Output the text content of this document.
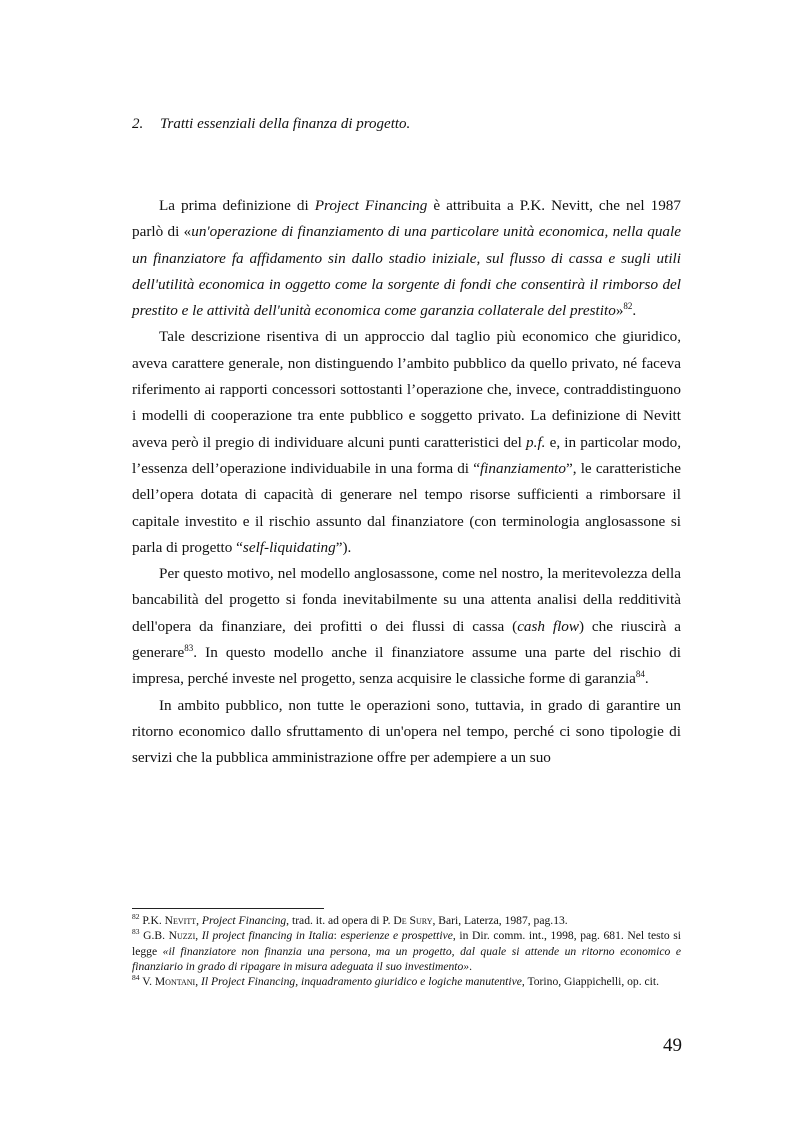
2. Tratti essenziali della finanza di progetto.

La prima definizione di Project Financing è attribuita a P.K. Nevitt, che nel 1987 parlò di «un'operazione di finanziamento di una particolare unità economica, nella quale un finanziatore fa affidamento sin dallo stadio iniziale, sul flusso di cassa e sugli utili dell'utilità economica in oggetto come la sorgente di fondi che consentirà il rimborso del prestito e le attività dell'unità economica come garanzia collaterale del prestito»$^{82}$.

Tale descrizione risentiva di un approccio dal taglio più economico che giuridico, aveva carattere generale, non distinguendo l’ambito pubblico da quello privato, né faceva riferimento ai rapporti concessori sottostanti l’operazione che, invece, contraddistinguono i modelli di cooperazione tra ente pubblico e soggetto privato. La definizione di Nevitt aveva però il pregio di individuare alcuni punti caratteristici del p.f. e, in particolar modo, l’essenza dell’operazione individuabile in una forma di “finanziamento”, le caratteristiche dell’opera dotata di capacità di generare nel tempo risorse sufficienti a rimborsare il capitale investito e il rischio assunto dal finanziatore (con terminologia anglosassone si parla di progetto “self-liquidating”).

Per questo motivo, nel modello anglosassone, come nel nostro, la meritevolezza della bancabilità del progetto si fonda inevitabilmente su una attenta analisi della redditività dell'opera da finanziare, dei profitti o dei flussi di cassa (cash flow) che riuscirà a generare$^{83}$. In questo modello anche il finanziatore assume una parte del rischio di impresa, perché investe nel progetto, senza acquisire le classiche forme di garanzia$^{84}$.

In ambito pubblico, non tutte le operazioni sono, tuttavia, in grado di garantire un ritorno economico dallo sfruttamento di un'opera nel tempo, perché ci sono tipologie di servizi che la pubblica amministrazione offre per adempiere a un suo

$^{82}$ P.K. Nevitt, Project Financing, trad. it. ad opera di P. De Sury, Bari, Laterza, 1987, pag.13.

$^{83}$ G.B. Nuzzi, Il project financing in Italia: esperienze e prospettive, in Dir. comm. int., 1998, pag. 681. Nel testo si legge «il finanziatore non finanzia una persona, ma un progetto, dal quale si attende un ritorno economico e finanziario in grado di ripagare in misura adeguata il suo investimento».

$^{84}$ V. Montani, Il Project Financing, inquadramento giuridico e logiche manutentive, Torino, Giappichelli, op. cit.

49
